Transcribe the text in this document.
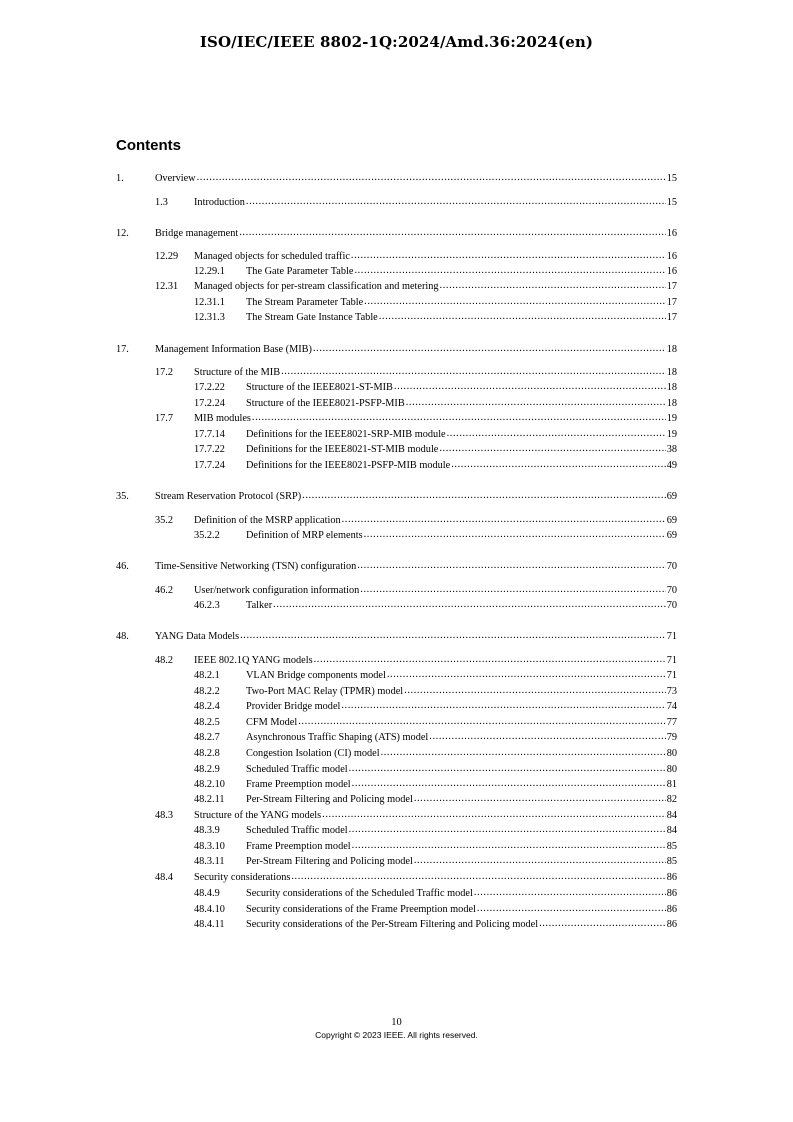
ISO/IEC/IEEE 8802-1Q:2024/Amd.36:2024(en)
Contents
1.	Overview .....	15
1.3	Introduction .....	15
12.	Bridge management .....	16
12.29 Managed objects for scheduled traffic .....	16
12.29.1 The Gate Parameter Table .....	16
12.31 Managed objects for per-stream classification and metering .....	17
12.31.1 The Stream Parameter Table .....	17
12.31.3 The Stream Gate Instance Table .....	17
17.	Management Information Base (MIB) .....	18
17.2 Structure of the MIB .....	18
17.2.22 Structure of the IEEE8021-ST-MIB .....	18
17.2.24 Structure of the IEEE8021-PSFP-MIB .....	18
17.7 MIB modules .....	19
17.7.14 Definitions for the IEEE8021-SRP-MIB module .....	19
17.7.22 Definitions for the IEEE8021-ST-MIB module .....	38
17.7.24 Definitions for the IEEE8021-PSFP-MIB module .....	49
35.	Stream Reservation Protocol (SRP) .....	69
35.2 Definition of the MSRP application .....	69
35.2.2	Definition of MRP elements .....	69
46.	Time-Sensitive Networking (TSN) configuration .....	70
46.2 User/network configuration information .....	70
46.2.3	Talker .....	70
48.	YANG Data Models .....	71
48.2 IEEE 802.1Q YANG models .....	71
48.2.1	VLAN Bridge components model .....	71
48.2.2	Two-Port MAC Relay (TPMR) model .....	73
48.2.4	Provider Bridge model .....	74
48.2.5	CFM Model .....	77
48.2.7	Asynchronous Traffic Shaping (ATS) model .....	79
48.2.8	Congestion Isolation (CI) model .....	80
48.2.9	Scheduled Traffic model .....	80
48.2.10 Frame Preemption model .....	81
48.2.11 Per-Stream Filtering and Policing model .....	82
48.3 Structure of the YANG models .....	84
48.3.9	Scheduled Traffic model .....	84
48.3.10 Frame Preemption model .....	85
48.3.11 Per-Stream Filtering and Policing model .....	85
48.4 Security considerations .....	86
48.4.9	Security considerations of the Scheduled Traffic model .....	86
48.4.10 Security considerations of the Frame Preemption model .....	86
48.4.11 Security considerations of the Per-Stream Filtering and Policing model .....	86
10
Copyright © 2023 IEEE. All rights reserved.
